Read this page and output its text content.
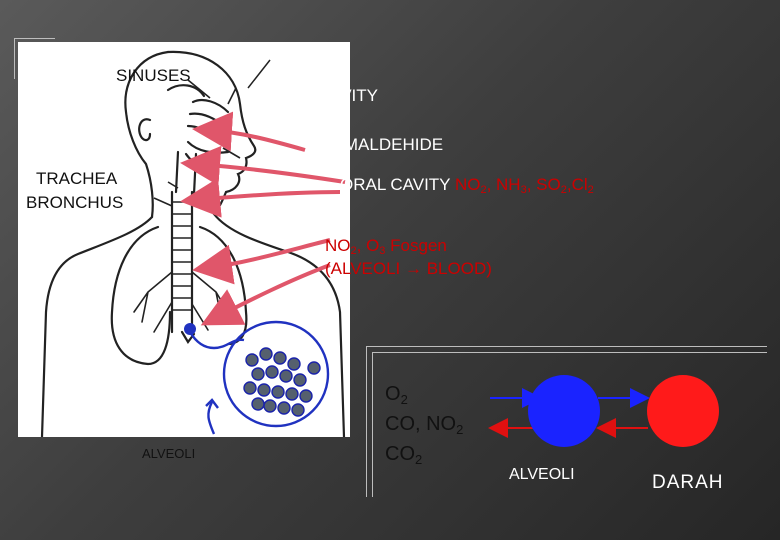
SINUSES
NASAL CAVITY
FORMALDEHIDE
TRACHEA
BRONCHUS
ORAL CAVITY $NO_2$, $NH_3$, $SO_2,Cl_2$
$NO_2$, $O_3$ Fosgen
(ALVEOLI → BLOOD)
ALVEOLI
$O_2$
CO, $NO_2$
$CO_2$
ALVEOLI	DARAH
